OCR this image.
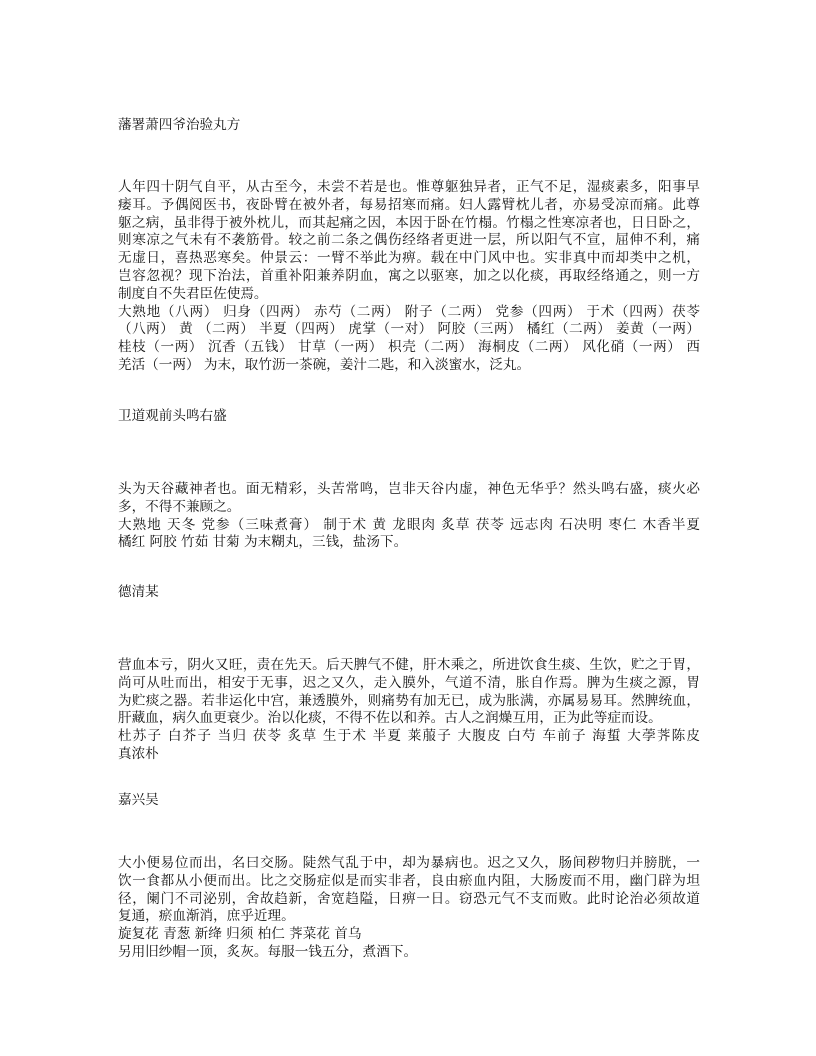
藩署萧四爷治验丸方
人年四十阴气自平，从古至今，未尝不若是也。惟尊躯独异者，正气不足，湿痰素多，阳事早
痿耳。予偶阅医书，夜卧臂在被外者，每易招寒而痛。妇人露臂枕儿者，亦易受凉而痛。此尊
躯之病，虽非得于被外枕儿，而其起痛之因，本因于卧在竹榻。竹榻之性寒凉者也，日日卧之，
则寒凉之气未有不袭筋骨。较之前二条之偶伤经络者更进一层，所以阳气不宣，屈伸不利，痛
无虚日，喜热恶寒矣。仲景云：一臂不举此为痹。载在中门风中也。实非真中而却类中之机，
岂容忽视？现下治法，首重补阳兼养阴血，寓之以驱寒，加之以化痰，再取经络通之，则一方
制度自不失君臣佐使焉。
大熟地（八两） 归身（四两） 赤芍（二两） 附子（二两） 党参（四两） 于术（四两）茯苓
（八两） 黄 （二两） 半夏（四两） 虎掌（一对） 阿胶（三两） 橘红（二两） 姜黄（一两）
桂枝（一两） 沉香（五钱） 甘草（一两） 枳壳（二两） 海桐皮（二两） 风化硝（一两） 西
羌活（一两） 为末，取竹沥一茶碗，姜汁二匙，和入淡蜜水，泛丸。
卫道观前头鸣右盛
头为天谷藏神者也。面无精彩，头苦常鸣，岂非天谷内虚，神色无华乎？然头鸣右盛，痰火必
多，不得不兼顾之。
大熟地 天冬 党参（三味煮膏） 制于术 黄 龙眼肉 炙草 茯苓 远志肉 石决明 枣仁 木香半夏
橘红 阿胶 竹茹 甘菊 为末糊丸，三钱，盐汤下。
德清某
营血本亏，阴火又旺，责在先天。后天脾气不健，肝木乘之，所进饮食生痰、生饮，贮之于胃，
尚可从吐而出，相安于无事，迟之又久，走入膜外，气道不清，胀自作焉。脾为生痰之源，胃
为贮痰之器。若非运化中宫，兼透膜外，则痛势有加无已，成为胀满，亦属易易耳。然脾统血，
肝藏血，病久血更衰少。治以化痰，不得不佐以和养。古人之润燥互用，正为此等症而设。
杜苏子 白芥子 当归 茯苓 炙草 生于术 半夏 莱菔子 大腹皮 白芍 车前子 海蜇 大荸荠陈皮
真浓朴
嘉兴吴
大小便易位而出，名曰交肠。陡然气乱于中，却为暴病也。迟之又久，肠间秽物归并膀胱，一
饮一食都从小便而出。比之交肠症似是而实非者，良由瘀血内阻，大肠废而不用，幽门辟为坦
径，阑门不司泌别，舍故趋新，舍宽趋隘，日痹一日。窃恐元气不支而败。此时论治必须故道
复通，瘀血渐消，庶乎近理。
旋复花 青葱 新绛 归须 柏仁 荠菜花 首乌
另用旧纱帽一顶，炙灰。每服一钱五分，煮酒下。
